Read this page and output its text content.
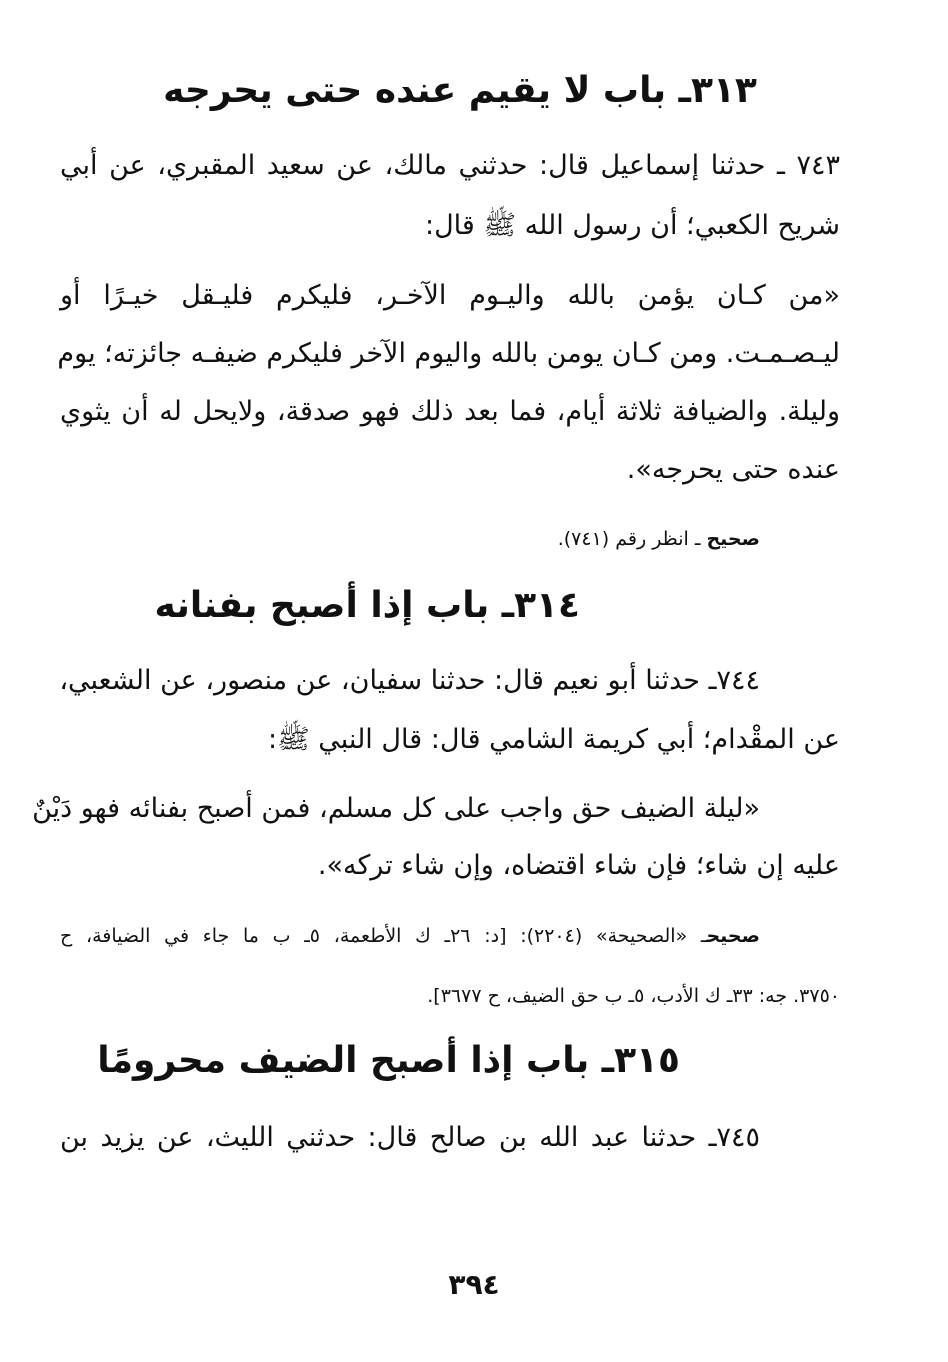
٣١٣ـ باب لا يقيم عنده حتى يحرجه
٧٤٣ ـ حدثنا إسماعيل قال: حدثني مالك، عن سعيد المقبري، عن أبي
شريح الكعبي؛ أن رسول الله ﷺ قال:
«من كـان يؤمن بالله واليـوم الآخـر، فليكرم فليـقل خيـرًا أو
ليـصـمـت. ومن كـان يومن بالله واليوم الآخر فليكرم ضيفـه جائزته؛ يوم
وليلة. والضيافة ثلاثة أيام، فما بعد ذلك فهو صدقة، ولايحل له أن يثوي
عنده حتى يحرجه».
صحيح ـ انظر رقم (٧٤١).
٣١٤ـ باب إذا أصبح بفنانه
٧٤٤ـ حدثنا أبو نعيم قال: حدثنا سفيان، عن منصور، عن الشعبي،
عن المقْدام؛ أبي كريمة الشامي قال: قال النبي ﷺ:
«ليلة الضيف حق واجب على كل مسلم، فمن أصبح بفنائه فهو دَيْنٌ
عليه إن شاء؛ فإن شاء اقتضاه، وإن شاء تركه».
صحيحـ «الصحيحة» (٢٢٠٤): [د: ٢٦ـ ك الأطعمة، ٥ـ ب ما جاء في الضيافة، ح
٣٧٥٠. جه: ٣٣ـ ك الأدب، ٥ـ ب حق الضيف، ح ٣٦٧٧].
٣١٥ـ باب إذا أصبح الضيف محرومًا
٧٤٥ـ حدثنا عبد الله بن صالح قال: حدثني الليث، عن يزيد بن
٣٩٤
